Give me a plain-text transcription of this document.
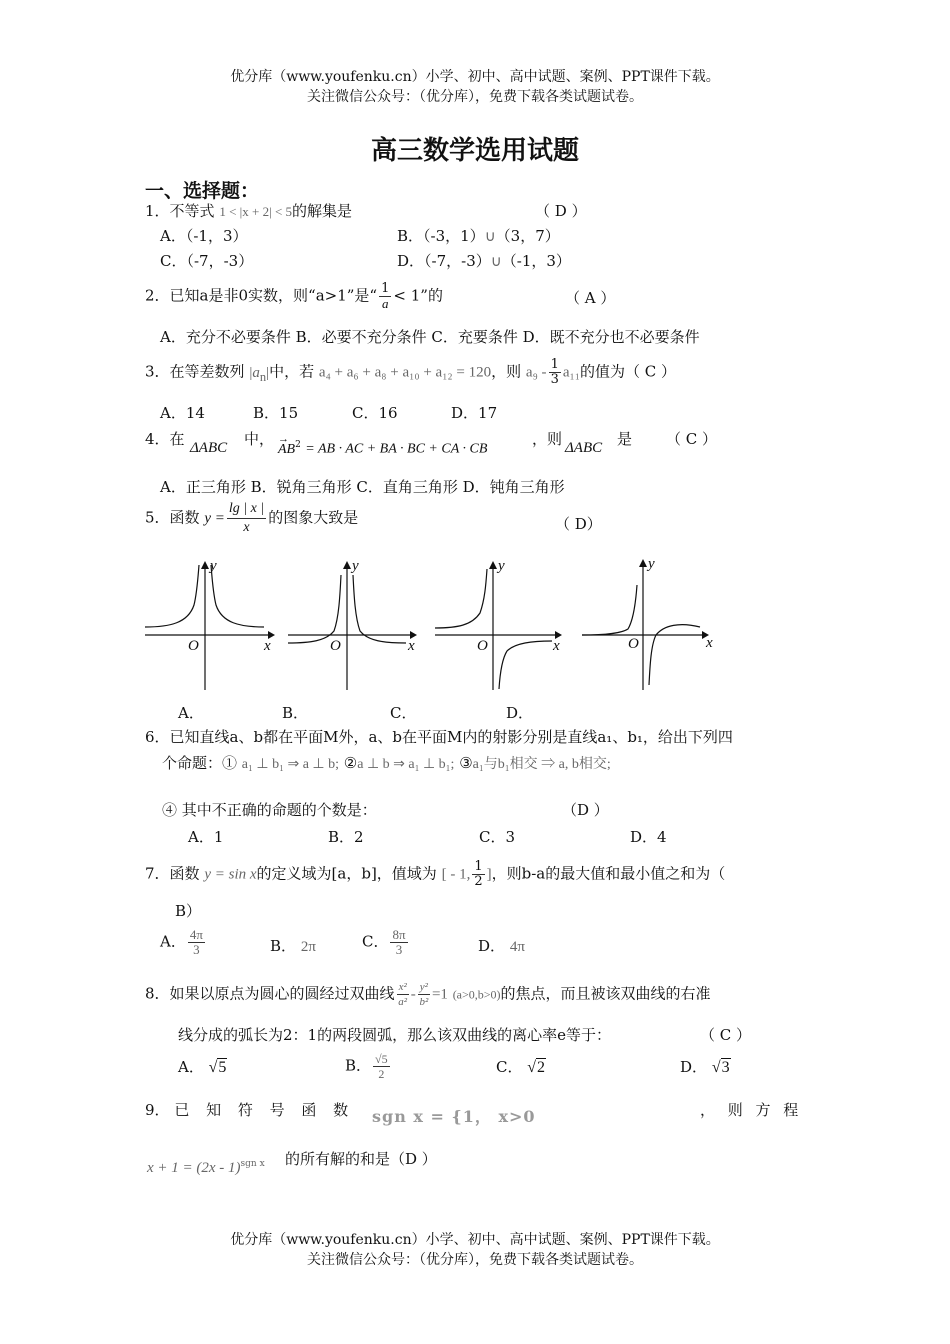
优分库（www.youfenku.cn）小学、初中、高中试题、案例、PPT课件下载。
关注微信公众号：（优分库），免费下载各类试题试卷。
高三数学选用试题
一、选择题：
1．不等式 1 < |x + 2| < 5的解集是	（ D ）
A．（-1，3）	B．（-3，1）∪（3，7）
C．（-7，-3）	D．（-7，-3）∪（-1，3）
2．已知a是非0实数，则“a>1”是“ $\frac{1}{a} < 1$”的	（ A ）
A．充分不必要条件 B．必要不充分条件 C．充要条件 D．既不充分也不必要条件
3．在等差数列 $|a_n|$中，若 a₄ + a₆ + a₈ + a₁₀ + a₁₂ = 120，则 $a_9 - \frac{1}{3} a_{11}$的值为（ C ）
A．14	B．15	C．16	D．17
4．在 ΔABC 中， →
$AB^2$ = AB · AC + BA · BC + CA · CB
，则 ΔABC 是 （ C ）
A．正三角形 B．锐角三角形 C．直角三角形 D．钝角三角形
5．函数 $y = \frac{\lg | x |}{x}$ 的图象大致是	（ D）
y
x
O
y
x
O
y
x
O
y
x
O
A．	B．	C．	D．
6．已知直线a、b都在平面M外，a、b在平面M内的射影分别是直线a₁、b₁，给出下列四
个命题：① a₁ ⊥ b₁ ⇒ a ⊥ b; ②a ⊥ b ⇒ a₁ ⊥ b₁; ③a₁与b₁相交 ⇒ a, b相交;
④ 其中不正确的命题的个数是：	（D ）
A．1	B．2	C．3	D．4
7．函数 y = sin x的定义域为[a，b]，值域为 [ - 1, $\frac{1}{2}$ ]，则b-a的最大值和最小值之和为（
B）
A． $\frac{4\pi}{3}$	B． 2π	C． $\frac{8\pi}{3}$	D． 4π
8．如果以原点为圆心的圆经过双曲线 $\frac{\text{x²}}{\text{a²}} - \frac{\text{y²}}{\text{b²}} =1$ (a>0,b>0)的焦点，而且被该双曲线的右准
线分成的弧长为2：1的两段圆弧，那么该双曲线的离心率e等于：	（ C ）
A． √5	B． $\frac{√5}{2}$	C． √2	D． √3
9． 已 知 符 号 函 数 sgn x = {1， x>0	， 则 方 程
x + 1 = (2x - 1)$^{sgn x}$ 的所有解的和是（D ）
优分库（www.youfenku.cn）小学、初中、高中试题、案例、PPT课件下载。
关注微信公众号：（优分库），免费下载各类试题试卷。
